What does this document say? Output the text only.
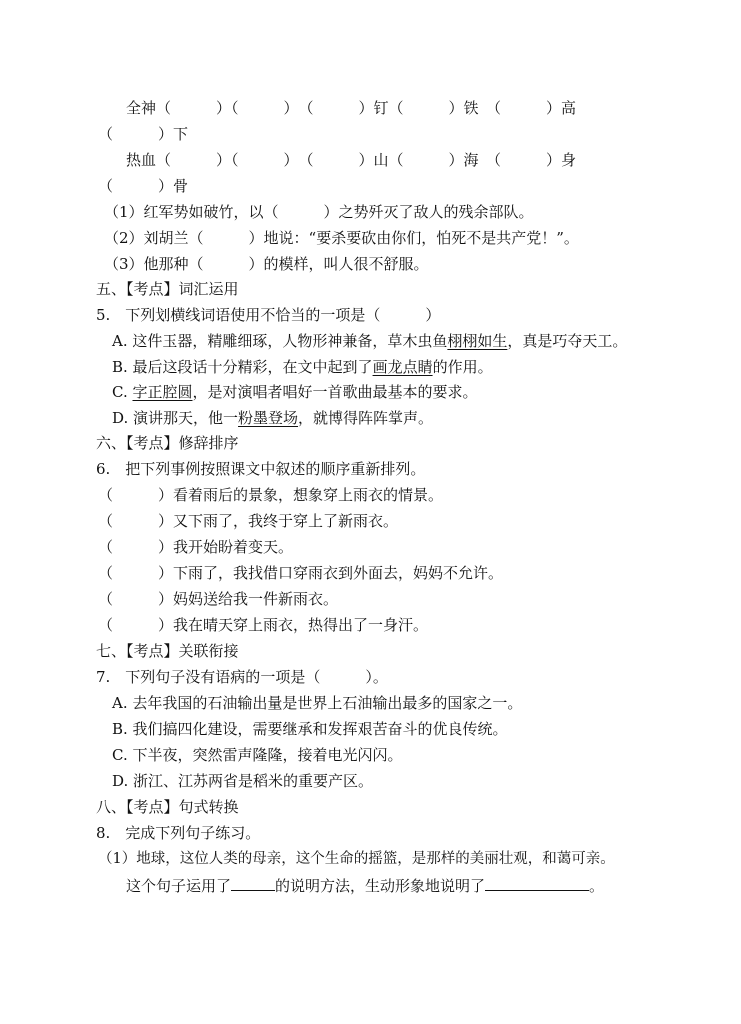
全神（　　　）（　　　）　（　　　）钉（　　　）铁　（　　　）高
（　　　）下
热血（　　　）（　　　）　（　　　）山（　　　）海　（　　　）身
（　　　）骨
（1）红军势如破竹，以（　　　）之势歼灭了敌人的残余部队。
（2）刘胡兰（　　　）地说：“要杀要砍由你们，怕死不是共产党！”。
（3）他那种（　　　）的模样，叫人很不舒服。
五、【考点】词汇运用
5.　下列划横线词语使用不恰当的一项是（　　　）
A. 这件玉器，精雕细琢，人物形神兼备，草木虫鱼栩栩如生，真是巧夺天工。
B. 最后这段话十分精彩，在文中起到了画龙点睛的作用。
C. 字正腔圆，是对演唱者唱好一首歌曲最基本的要求。
D. 演讲那天，他一粉墨登场，就博得阵阵掌声。
六、【考点】修辞排序
6.　把下列事例按照课文中叙述的顺序重新排列。
（　　　）看着雨后的景象，想象穿上雨衣的情景。
（　　　）又下雨了，我终于穿上了新雨衣。
（　　　）我开始盼着变天。
（　　　）下雨了，我找借口穿雨衣到外面去，妈妈不允许。
（　　　）妈妈送给我一件新雨衣。
（　　　）我在晴天穿上雨衣，热得出了一身汗。
七、【考点】关联衔接
7.　下列句子没有语病的一项是（　　　）。
A. 去年我国的石油输出量是世界上石油输出最多的国家之一。
B. 我们搞四化建设，需要继承和发挥艰苦奋斗的优良传统。
C. 下半夜，突然雷声隆隆，接着电光闪闪。
D. 浙江、江苏两省是稻米的重要产区。
八、【考点】句式转换
8.　完成下列句子练习。
（1）地球，这位人类的母亲，这个生命的摇篮，是那样的美丽壮观，和蔼可亲。
这个句子运用了	的说明方法，生动形象地说明了	。
